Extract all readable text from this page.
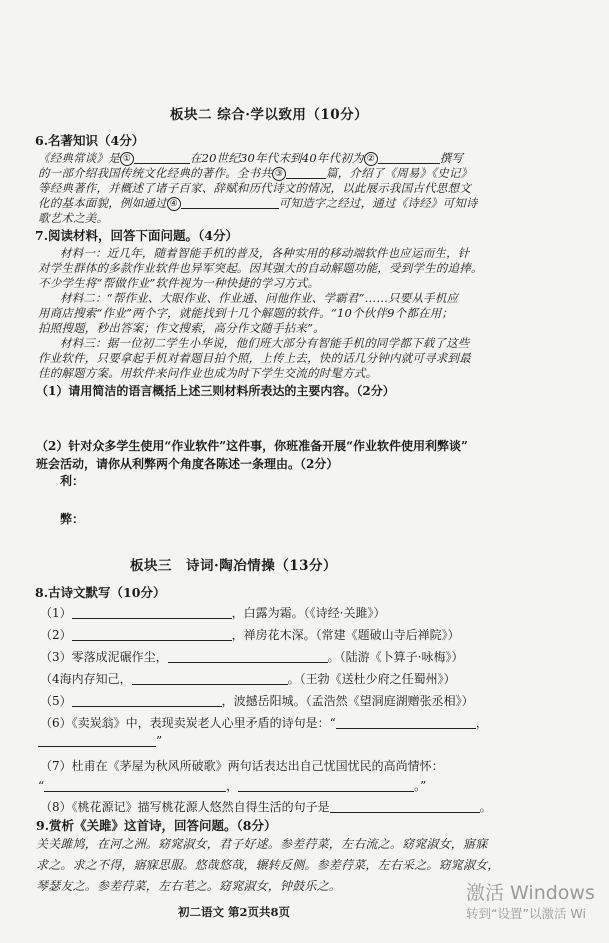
板块二 综合·学以致用（10分）
6.名著知识（4分）
《经典常谈》是 ①	在20世纪30年代末到40年代初为 ②	撰写
的一部介绍我国传统文化经典的著作。全书共 ③	篇，介绍了《周易》《史记》
等经典著作，并概述了诸子百家、辞赋和历代诗文的情况，以此展示我国古代思想文
化的基本面貌，例如通过 ④	可知造字之经过，通过《诗经》可知诗
歌艺术之美。
7.阅读材料，回答下面问题。（4分）
材料一：近几年，随着智能手机的普及，各种实用的移动端软件也应运而生，针
对学生群体的多款作业软件也异军突起。因其强大的自动解题功能，受到学生的追捧。
不少学生将“帮做作业”软件视为一种快捷的学习方式。
材料二：“帮作业、大眼作业、作业通、问他作业、学霸君”……只要从手机应
用商店搜索“作业”两个字，就能找到十几个解题的软件。“10个伙伴9个都在用；
拍照搜题，秒出答案；作文搜索，高分作文随手拈来”。
材料三：据一位初二学生小华说，他们班大部分有智能手机的同学都下载了这些
作业软件，只要拿起手机对着题目拍个照，上传上去，快的话几分钟内就可寻求到最
佳的解题方案。用软件来问作业也成为时下学生交流的时髦方式。
（1）请用简洁的语言概括上述三则材料所表达的主要内容。（2分）
（2）针对众多学生使用“作业软件”这件事，你班准备开展“作业软件使用利弊谈”
班会活动，请你从利弊两个角度各陈述一条理由。（2分）
利：
弊：
板块三　诗词·陶冶情操（13分）
8.古诗文默写（10分）
（1）	，白露为霜。（《诗经·关雎》）
（2）	，禅房花木深。（常建《题破山寺后禅院》）
（3）零落成泥碾作尘，	。（陆游《卜算子·咏梅》）
（4海内存知己，	。（王勃《送杜少府之任蜀州》）
（5）	，波撼岳阳城。（孟浩然《望洞庭湖赠张丞相》）
（6）《卖炭翁》中，表现卖炭老人心里矛盾的诗句是：“	，
”
（7）杜甫在《茅屋为秋风所破歌》两句话表达出自己忧国忧民的高尚情怀：
“	，	。”
（8）《桃花源记》描写桃花源人悠然自得生活的句子是	。
9.赏析《关雎》这首诗，回答问题。（8分）
关关雎鸠，在河之洲。窈窕淑女，君子好逑。参差荇菜，左右流之。窈窕淑女，寤寐
求之。求之不得，寤寐思服。悠哉悠哉，辗转反侧。参差荇菜，左右采之。窈窕淑女，
琴瑟友之。参差荇菜，左右芼之。窈窕淑女，钟鼓乐之。
初二语文 第2页共8页
激活 Windows
转到“设置”以激活 Wi
